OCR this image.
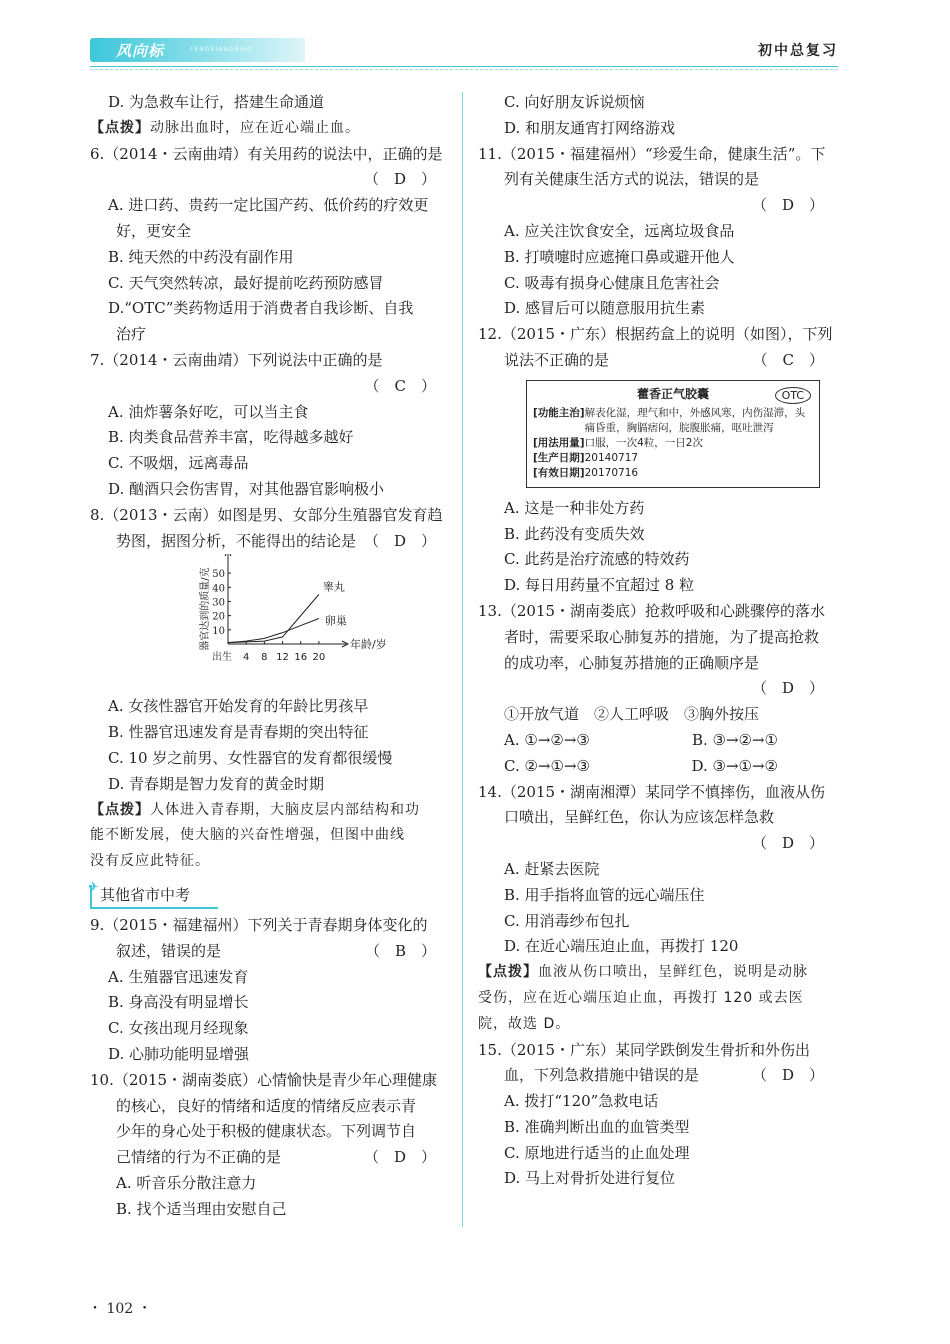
风向标	FENGXIANGBIAO	初中总复习

D. 为急救车让行，搭建生命通道

【点拨】动脉出血时，应在近心端止血。

6.（2014・云南曲靖）有关用药的说法中，正确的是

（　D　）

A. 进口药、贵药一定比国产药、低价药的疗效更

好，更安全

B. 纯天然的中药没有副作用

C. 天气突然转凉，最好提前吃药预防感冒

D.“OTC”类药物适用于消费者自我诊断、自我

治疗

7.（2014・云南曲靖）下列说法中正确的是

（　C　）

A. 油炸薯条好吃，可以当主食

B. 肉类食品营养丰富，吃得越多越好

C. 不吸烟，远离毒品

D. 酗酒只会伤害胃，对其他器官影响极小

8.（2013・云南）如图是男、女部分生殖器官发育趋

势图，据图分析，不能得出的结论是 （　D　）

10
20
30
40
50
出生 4 8 12 16 20
器官达到的质量/克	年龄/岁
睾丸
卵巢

A. 女孩性器官开始发育的年龄比男孩早

B. 性器官迅速发育是青春期的突出特征

C. 10 岁之前男、女性器官的发育都很缓慢

D. 青春期是智力发育的黄金时期

【点拨】人体进入青春期，大脑皮层内部结构和功

能不断发展，使大脑的兴奋性增强，但图中曲线

没有反应此特征。

✈ 其他省市中考

9.（2015・福建福州）下列关于青春期身体变化的

叙述，错误的是	（　B　）

A. 生殖器官迅速发育

B. 身高没有明显增长

C. 女孩出现月经现象

D. 心肺功能明显增强

10.（2015・湖南娄底）心情愉快是青少年心理健康

的核心，良好的情绪和适度的情绪反应表示青

少年的身心处于积极的健康状态。下列调节自

己情绪的行为不正确的是	（　D　）

A. 听音乐分散注意力

B. 找个适当理由安慰自己

C. 向好朋友诉说烦恼

D. 和朋友通宵打网络游戏

11.（2015・福建福州）“珍爱生命，健康生活”。下

列有关健康生活方式的说法，错误的是

（　D　）

A. 应关注饮食安全，远离垃圾食品

B. 打喷嚏时应遮掩口鼻或避开他人

C. 吸毒有损身心健康且危害社会

D. 感冒后可以随意服用抗生素

12.（2015・广东）根据药盒上的说明（如图），下列

说法不正确的是	（　C　）

藿香正气胶囊	OTC
[功能主治] 解表化湿，理气和中，外感风寒，内伤湿滞，头痛昏重，胸膈痞闷，脘腹胀痛，呕吐泄泻
[用法用量] 口服，一次4粒，一日2次
[生产日期] 20140717
[有效日期] 20170716

A. 这是一种非处方药

B. 此药没有变质失效

C. 此药是治疗流感的特效药

D. 每日用药量不宜超过 8 粒

13.（2015・湖南娄底）抢救呼吸和心跳骤停的落水

者时，需要采取心肺复苏的措施，为了提高抢救

的成功率，心肺复苏措施的正确顺序是

（　D　）

①开放气道　②人工呼吸　③胸外按压

A. ①→②→③	B. ③→②→①

C. ②→①→③	D. ③→①→②

14.（2015・湖南湘潭）某同学不慎摔伤，血液从伤

口喷出，呈鲜红色，你认为应该怎样急救

（　D　）

A. 赶紧去医院

B. 用手指将血管的远心端压住

C. 用消毒纱布包扎

D. 在近心端压迫止血，再拨打 120

【点拨】血液从伤口喷出，呈鲜红色，说明是动脉

受伤，应在近心端压迫止血，再拨打 120 或去医

院，故选 D。

15.（2015・广东）某同学跌倒发生骨折和外伤出

血，下列急救措施中错误的是	（　D　）

A. 拨打“120”急救电话

B. 准确判断出血的血管类型

C. 原地进行适当的止血处理

D. 马上对骨折处进行复位

・ 102 ・
